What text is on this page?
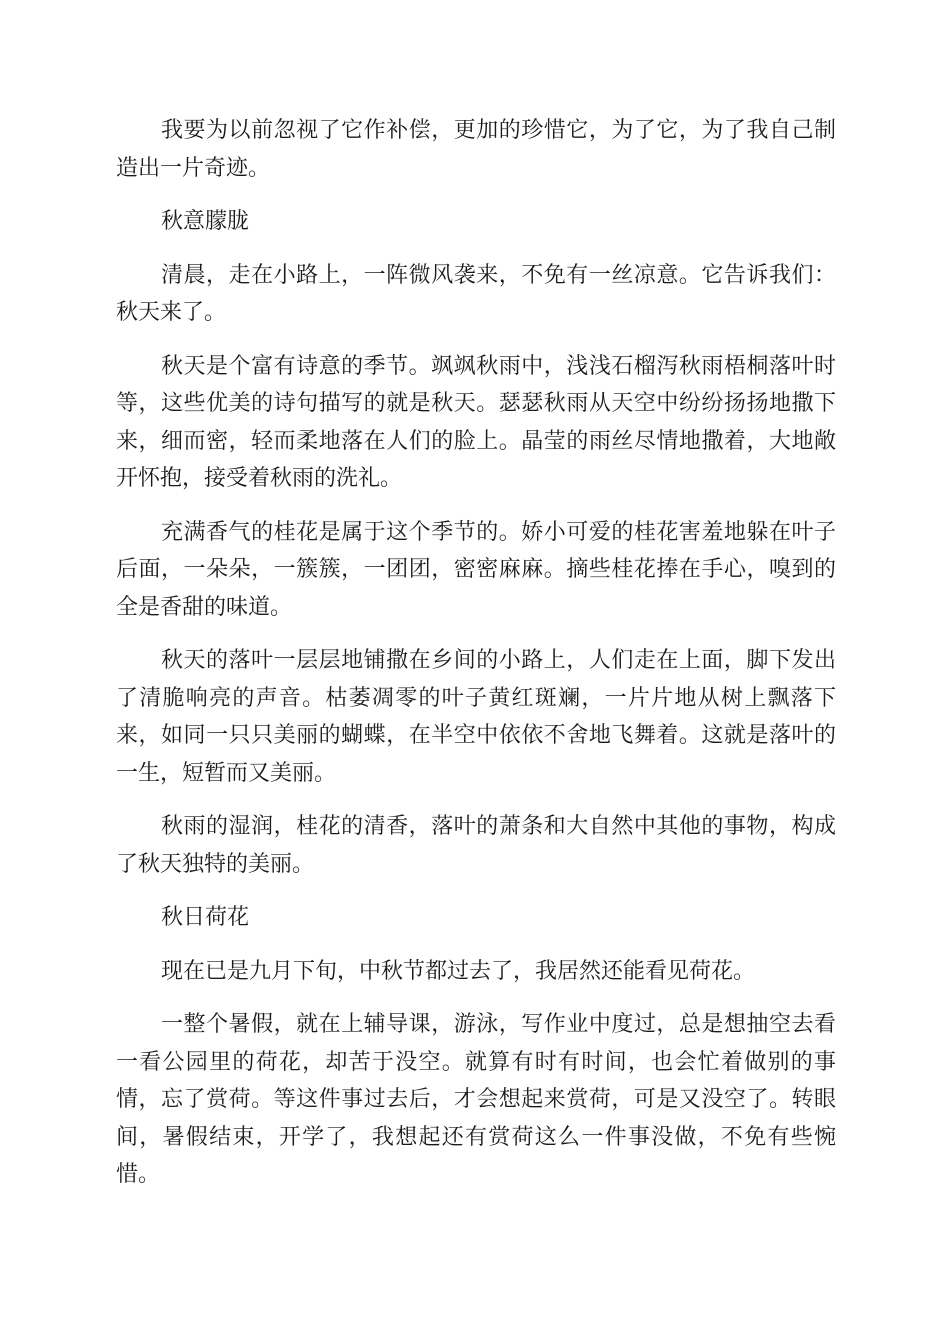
我要为以前忽视了它作补偿，更加的珍惜它，为了它，为了我自己制造出一片奇迹。

秋意朦胧

清晨，走在小路上，一阵微风袭来，不免有一丝凉意。它告诉我们：秋天来了。

秋天是个富有诗意的季节。飒飒秋雨中，浅浅石榴泻秋雨梧桐落叶时等，这些优美的诗句描写的就是秋天。瑟瑟秋雨从天空中纷纷扬扬地撒下来，细而密，轻而柔地落在人们的脸上。晶莹的雨丝尽情地撒着，大地敞开怀抱，接受着秋雨的洗礼。

充满香气的桂花是属于这个季节的。娇小可爱的桂花害羞地躲在叶子后面，一朵朵，一簇簇，一团团，密密麻麻。摘些桂花捧在手心，嗅到的全是香甜的味道。

秋天的落叶一层层地铺撒在乡间的小路上，人们走在上面，脚下发出了清脆响亮的声音。枯萎凋零的叶子黄红斑斓，一片片地从树上飘落下来，如同一只只美丽的蝴蝶，在半空中依依不舍地飞舞着。这就是落叶的一生，短暂而又美丽。

秋雨的湿润，桂花的清香，落叶的萧条和大自然中其他的事物，构成了秋天独特的美丽。

秋日荷花

现在已是九月下旬，中秋节都过去了，我居然还能看见荷花。

一整个暑假，就在上辅导课，游泳，写作业中度过，总是想抽空去看一看公园里的荷花，却苦于没空。就算有时有时间，也会忙着做别的事情，忘了赏荷。等这件事过去后，才会想起来赏荷，可是又没空了。转眼间，暑假结束，开学了，我想起还有赏荷这么一件事没做，不免有些惋惜。
